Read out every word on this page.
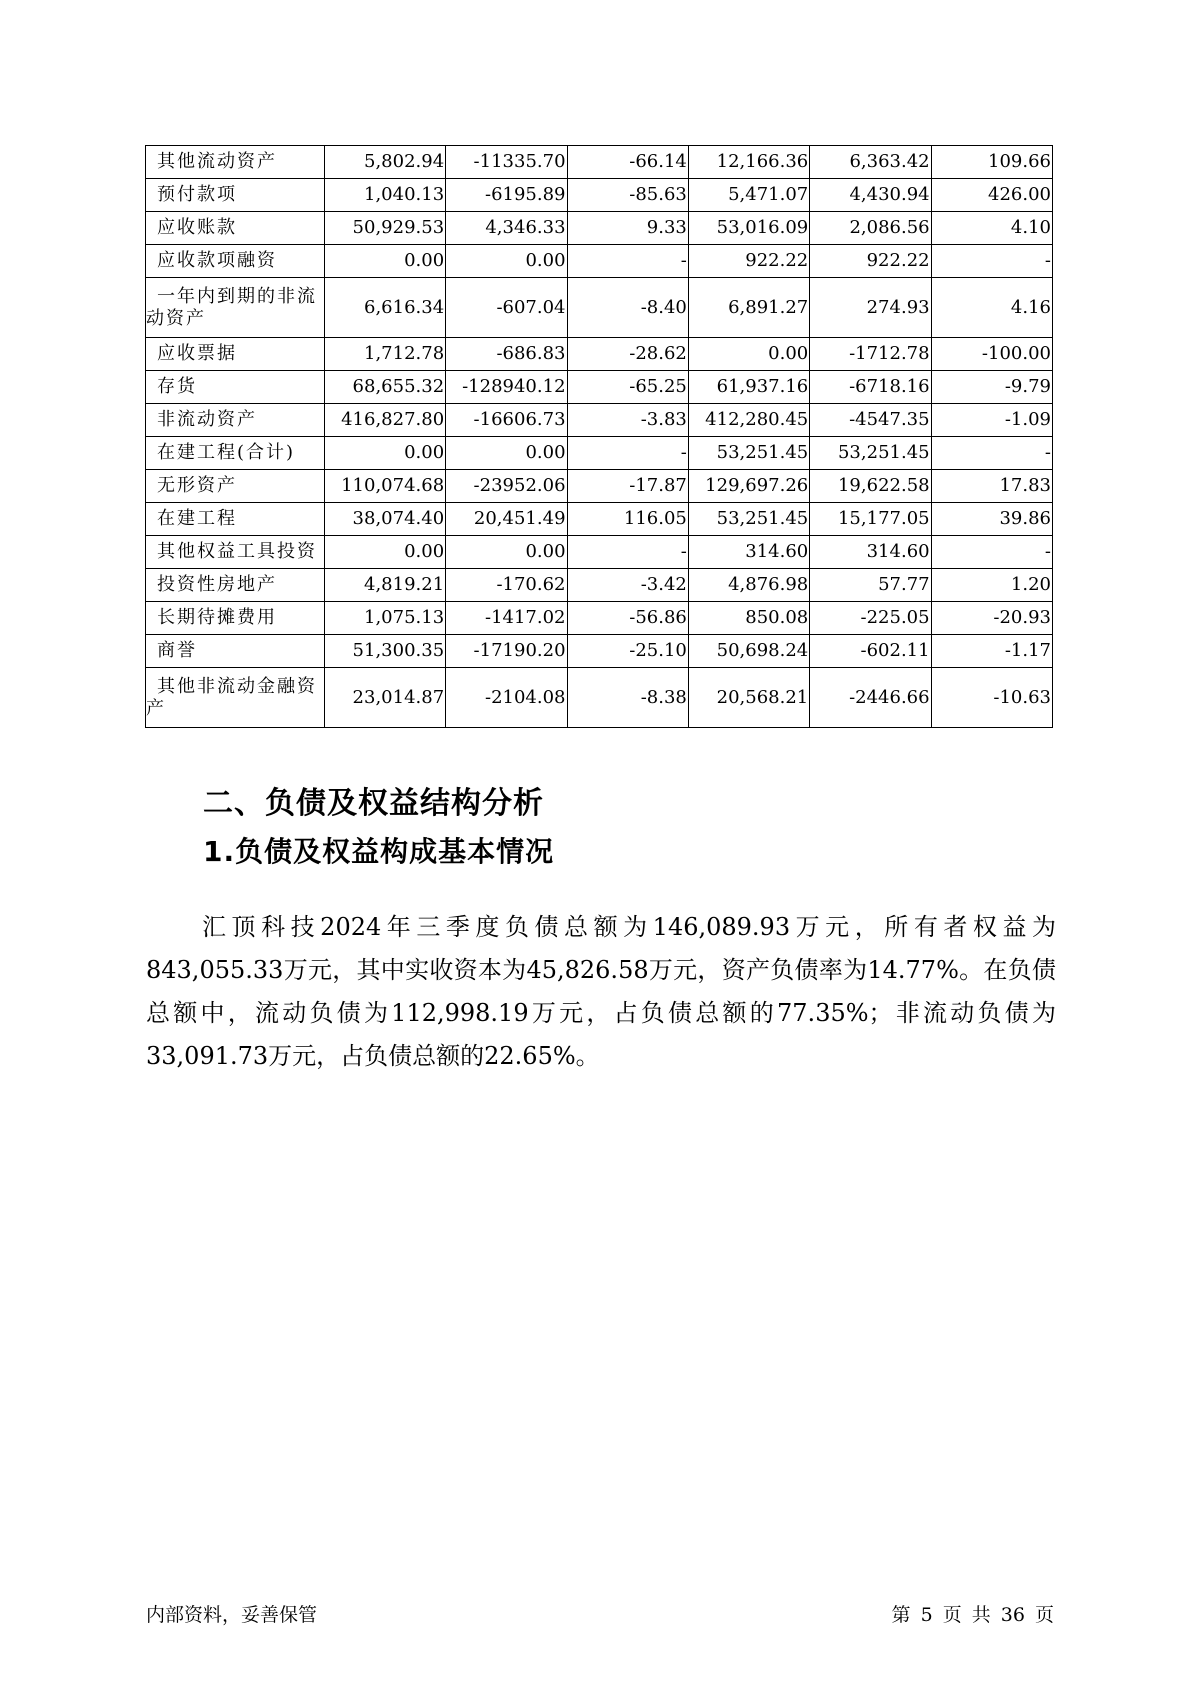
其他流动资产	5,802.94	-11335.70	-66.14	12,166.36	6,363.42	109.66
预付款项	1,040.13	-6195.89	-85.63	5,471.07	4,430.94	426.00
应收账款	50,929.53	4,346.33	9.33	53,016.09	2,086.56	4.10
应收款项融资	0.00	0.00	-	922.22	922.22	-

一年内到期的非流
动资产	6,616.34	-607.04	-8.40	6,891.27	274.93	4.16
应收票据	1,712.78	-686.83	-28.62	0.00	-1712.78	-100.00
存货	68,655.32	-128940.12	-65.25	61,937.16	-6718.16	-9.79
非流动资产	416,827.80	-16606.73	-3.83	412,280.45	-4547.35	-1.09
在建工程(合计)	0.00	0.00	-	53,251.45	53,251.45	-
无形资产	110,074.68	-23952.06	-17.87	129,697.26	19,622.58	17.83
在建工程	38,074.40	20,451.49	116.05	53,251.45	15,177.05	39.86
其他权益工具投资	0.00	0.00	-	314.60	314.60	-
投资性房地产	4,819.21	-170.62	-3.42	4,876.98	57.77	1.20
长期待摊费用	1,075.13	-1417.02	-56.86	850.08	-225.05	-20.93
商誉	51,300.35	-17190.20	-25.10	50,698.24	-602.11	-1.17

其他非流动金融资
产	23,014.87	-2104.08	-8.38	20,568.21	-2446.66	-10.63
二、负债及权益结构分析
1.负债及权益构成基本情况

汇顶科技2024年三季度负债总额为146,089.93万元，所有者权益为843,055.33万元，其中实收资本为45,826.58万元，资产负债率为14.77%。在负债总额中，流动负债为112,998.19万元，占负债总额的77.35%；非流动负债为33,091.73万元，占负债总额的22.65%。

内部资料，妥善保管	第 5 页 共 36 页
